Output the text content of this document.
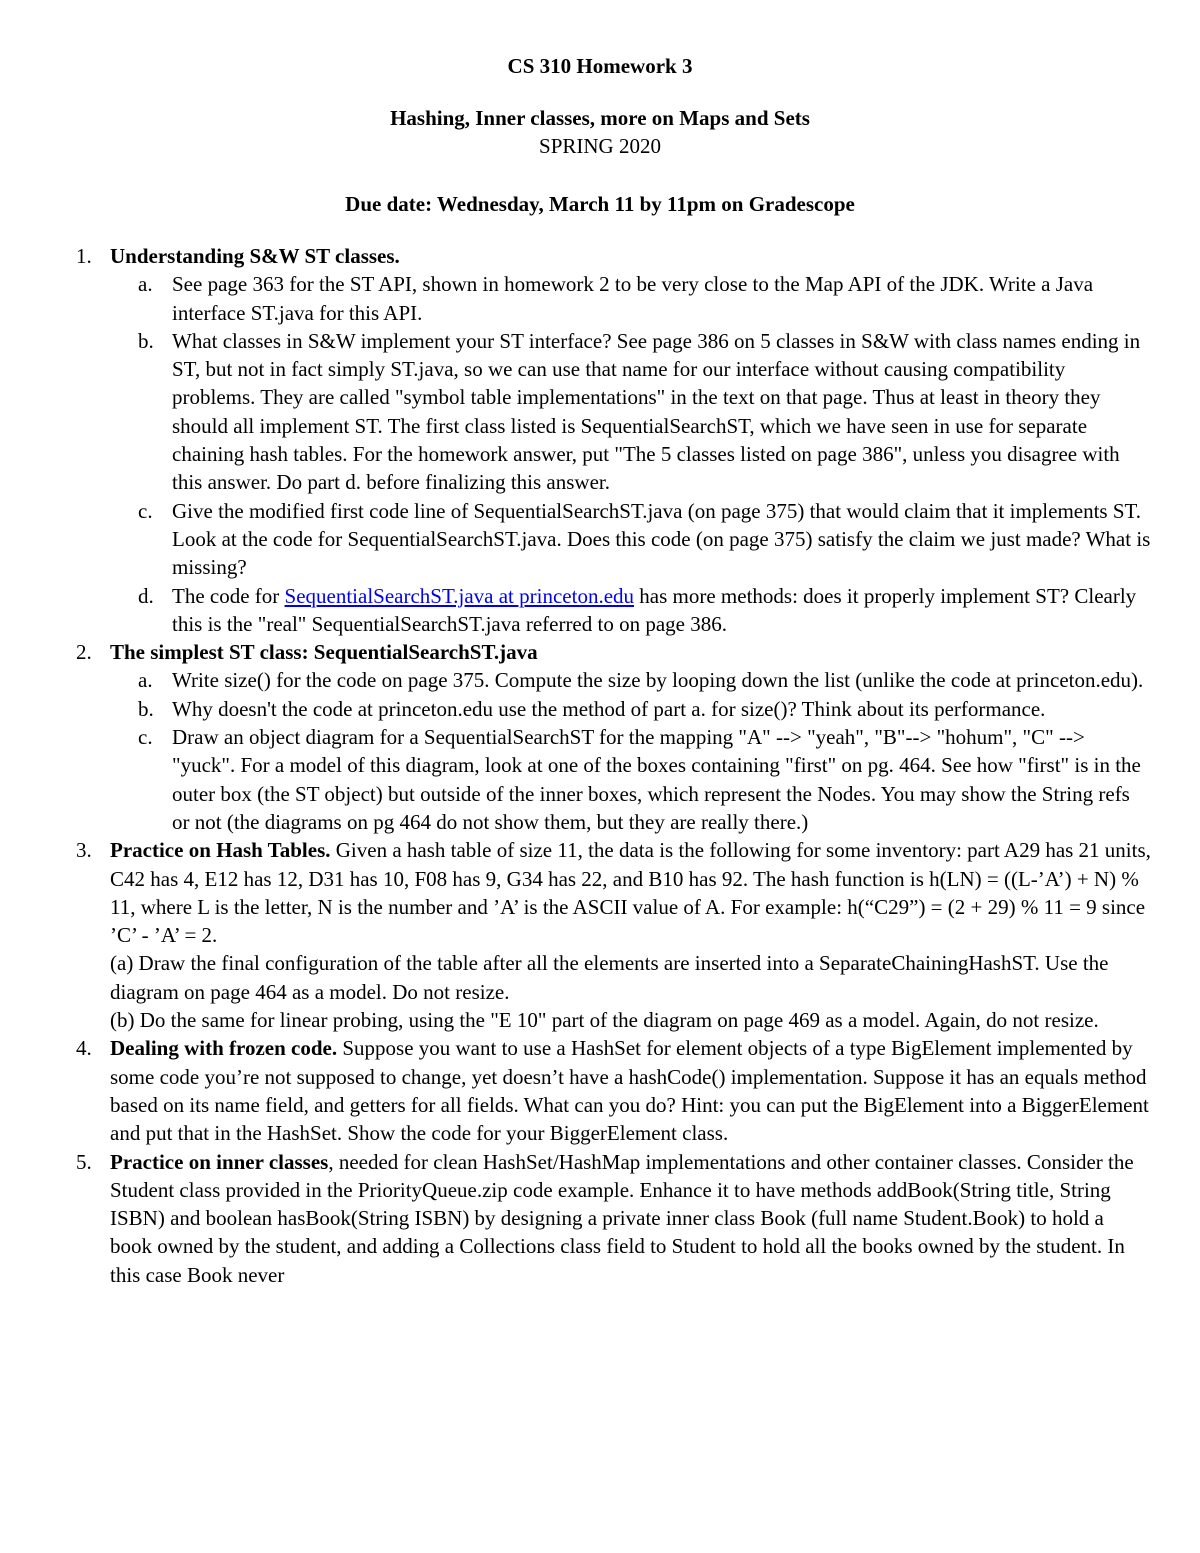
CS 310 Homework 3
Hashing, Inner classes, more on Maps and Sets
SPRING 2020
Due date: Wednesday, March 11 by 11pm on Gradescope
1. Understanding S&W ST classes.
a. See page 363 for the ST API, shown in homework 2 to be very close to the Map API of the JDK. Write a Java interface ST.java for this API.
b. What classes in S&W implement your ST interface? See page 386 on 5 classes in S&W with class names ending in ST, but not in fact simply ST.java, so we can use that name for our interface without causing compatibility problems. They are called "symbol table implementations" in the text on that page. Thus at least in theory they should all implement ST. The first class listed is SequentialSearchST, which we have seen in use for separate chaining hash tables. For the homework answer, put "The 5 classes listed on page 386", unless you disagree with this answer. Do part d. before finalizing this answer.
c. Give the modified first code line of SequentialSearchST.java (on page 375) that would claim that it implements ST. Look at the code for SequentialSearchST.java. Does this code (on page 375) satisfy the claim we just made? What is missing?
d. The code for SequentialSearchST.java at princeton.edu has more methods: does it properly implement ST? Clearly this is the "real" SequentialSearchST.java referred to on page 386.
2. The simplest ST class: SequentialSearchST.java
a. Write size() for the code on page 375. Compute the size by looping down the list (unlike the code at princeton.edu).
b. Why doesn't the code at princeton.edu use the method of part a. for size()? Think about its performance.
c. Draw an object diagram for a SequentialSearchST for the mapping "A" --> "yeah", "B"--> "hohum", "C" --> "yuck". For a model of this diagram, look at one of the boxes containing "first" on pg. 464. See how "first" is in the outer box (the ST object) but outside of the inner boxes, which represent the Nodes. You may show the String refs or not (the diagrams on pg 464 do not show them, but they are really there.)
3. Practice on Hash Tables. Given a hash table of size 11, the data is the following for some inventory: part A29 has 21 units, C42 has 4, E12 has 12, D31 has 10, F08 has 9, G34 has 22, and B10 has 92. The hash function is h(LN) = ((L-’A’) + N) % 11, where L is the letter, N is the number and ’A’ is the ASCII value of A. For example: h(“C29”) = (2 + 29) % 11 = 9 since ’C’ - ’A’ = 2.
(a) Draw the final configuration of the table after all the elements are inserted into a SeparateChainingHashST. Use the diagram on page 464 as a model. Do not resize.
(b) Do the same for linear probing, using the "E 10" part of the diagram on page 469 as a model. Again, do not resize.
4. Dealing with frozen code. Suppose you want to use a HashSet for element objects of a type BigElement implemented by some code you’re not supposed to change, yet doesn’t have a hashCode() implementation. Suppose it has an equals method based on its name field, and getters for all fields. What can you do? Hint: you can put the BigElement into a BiggerElement and put that in the HashSet. Show the code for your BiggerElement class.
5. Practice on inner classes, needed for clean HashSet/HashMap implementations and other container classes. Consider the Student class provided in the PriorityQueue.zip code example. Enhance it to have methods addBook(String title, String ISBN) and boolean hasBook(String ISBN) by designing a private inner class Book (full name Student.Book) to hold a book owned by the student, and adding a Collections class field to Student to hold all the books owned by the student. In this case Book never
